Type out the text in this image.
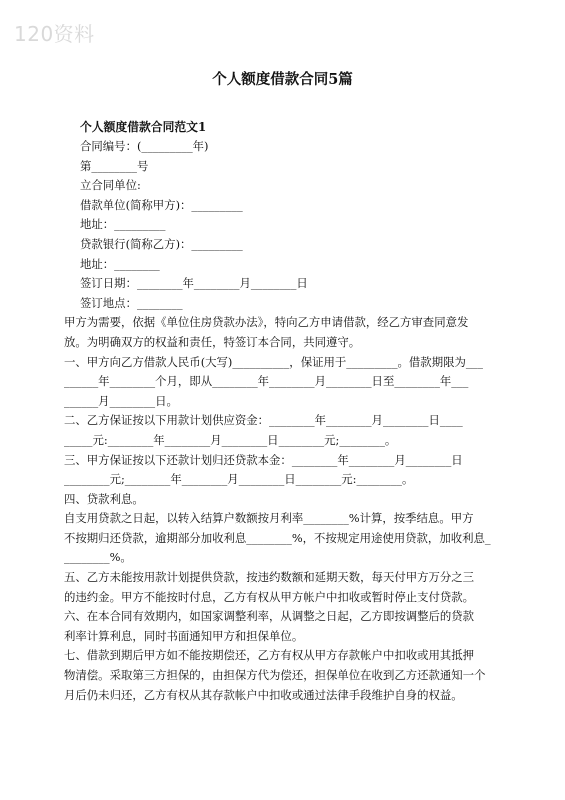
120资料
个人额度借款合同5篇
个人额度借款合同范文1
合同编号：(_________年)
第________号
立合同单位:
借款单位(简称甲方)：_________
地址：_________
贷款银行(简称乙方)：_________
地址：________
签订日期：________年________月________日
签订地点：________
甲方为需要，依据《单位住房贷款办法》，特向乙方申请借款，经乙方审查同意发
放。为明确双方的权益和责任，特签订本合同，共同遵守。
一、甲方向乙方借款人民币(大写)__________，保证用于_________。借款期限为___
______年________个月，即从________年________月________日至________年___
______月________日。
二、乙方保证按以下用款计划供应资金：________年________月________日____
_____元:________年________月________日________元;________。
三、甲方保证按以下还款计划归还贷款本金：________年________月________日
________元;________年________月________日________元:________。
四、贷款利息。
自支用贷款之日起，以转入结算户数额按月利率________%计算，按季结息。甲方
不按期归还贷款，逾期部分加收利息________%，不按规定用途使用贷款，加收利息_
________%。
五、乙方未能按用款计划提供贷款，按违约数额和延期天数，每天付甲方万分之三
的违约金。甲方不能按时付息，乙方有权从甲方帐户中扣收或暂时停止支付贷款。
六、在本合同有效期内，如国家调整利率，从调整之日起，乙方即按调整后的贷款
利率计算利息，同时书面通知甲方和担保单位。
七、借款到期后甲方如不能按期偿还，乙方有权从甲方存款帐户中扣收或用其抵押
物清偿。采取第三方担保的，由担保方代为偿还，担保单位在收到乙方还款通知一个
月后仍未归还，乙方有权从其存款帐户中扣收或通过法律手段维护自身的权益。
